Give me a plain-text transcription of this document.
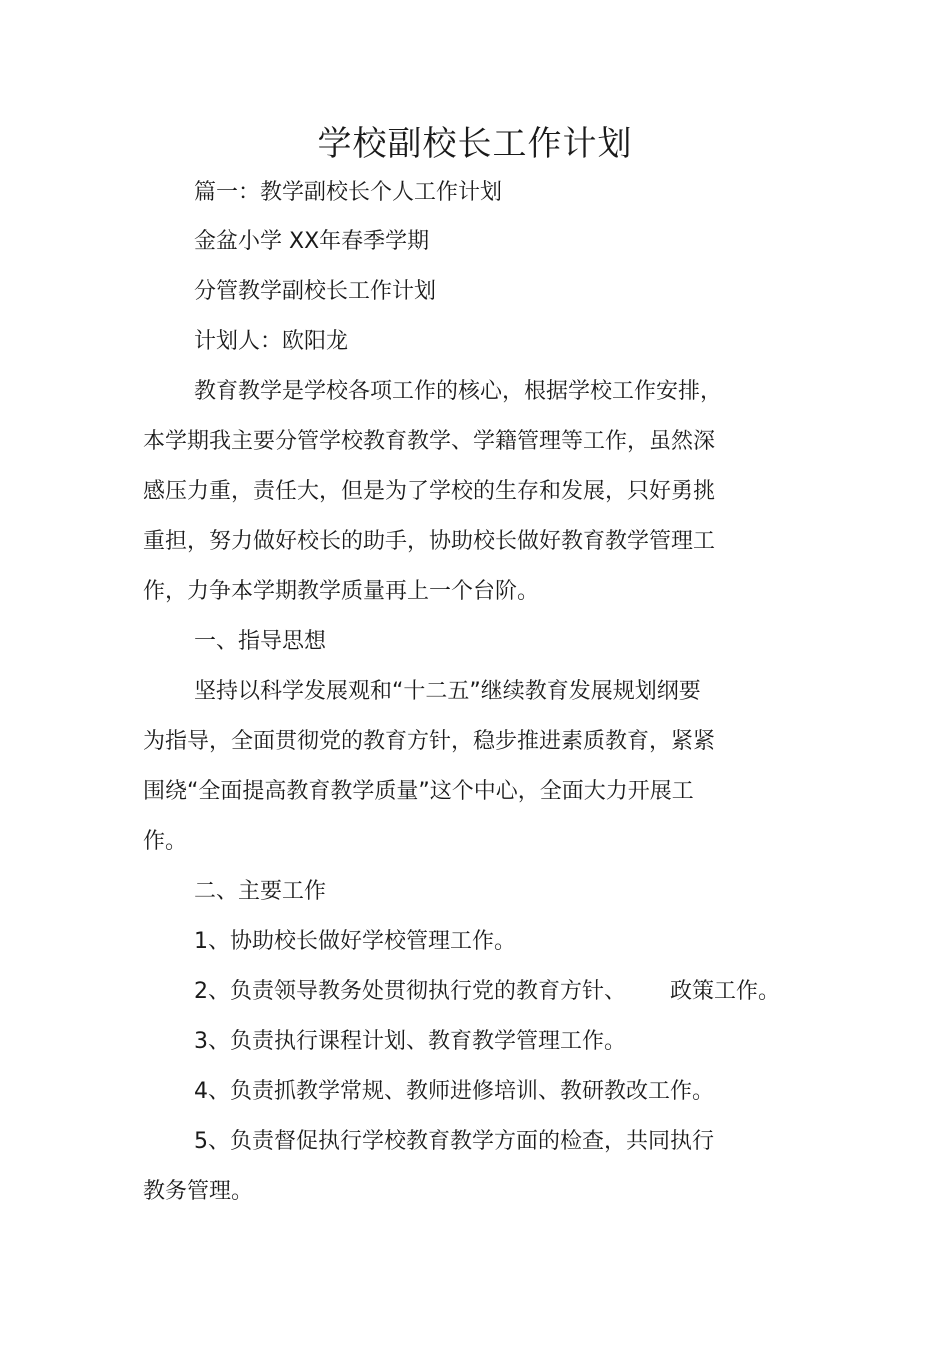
学校副校长工作计划
篇一：教学副校长个人工作计划
金盆小学 XX年春季学期
分管教学副校长工作计划
计划人：欧阳龙
教育教学是学校各项工作的核心，根据学校工作安排，
本学期我主要分管学校教育教学、学籍管理等工作，虽然深
感压力重，责任大，但是为了学校的生存和发展，只好勇挑
重担，努力做好校长的助手，协助校长做好教育教学管理工
作，力争本学期教学质量再上一个台阶。
一、指导思想
坚持以科学发展观和“十二五”继续教育发展规划纲要
为指导，全面贯彻党的教育方针，稳步推进素质教育，紧紧
围绕“全面提高教育教学质量”这个中心，全面大力开展工
作。
二、主要工作
1、协助校长做好学校管理工作。
2、负责领导教务处贯彻执行党的教育方针、 政策工作。
3、负责执行课程计划、教育教学管理工作。
4、负责抓教学常规、教师进修培训、教研教改工作。
5、负责督促执行学校教育教学方面的检查，共同执行
教务管理。
